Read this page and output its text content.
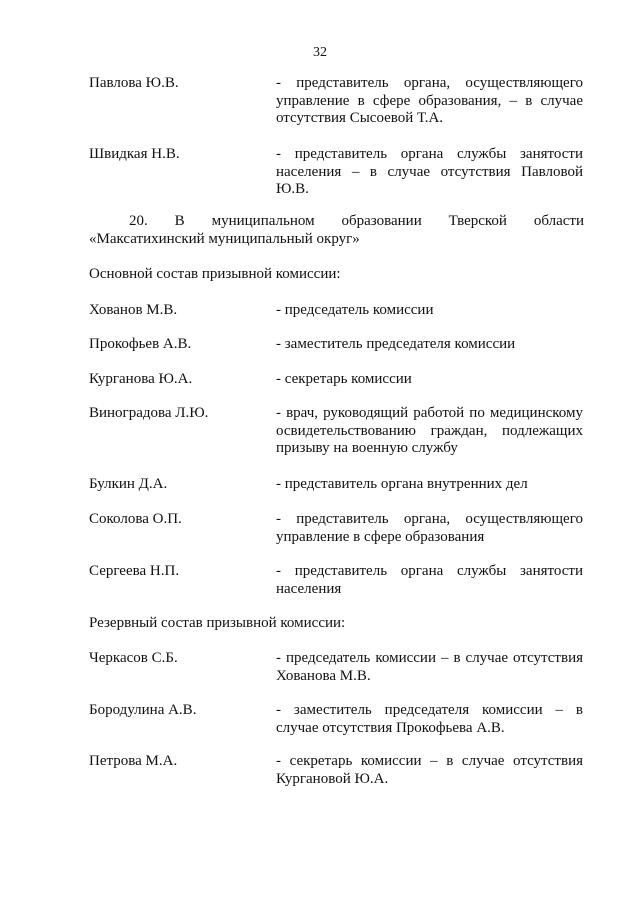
32
Павлова Ю.В.	- представитель органа, осуществляющего управление в сфере образования, – в случае отсутствия Сысоевой Т.А.
Швидкая Н.В.	- представитель органа службы занятости населения – в случае отсутствия Павловой Ю.В.
20. В муниципальном образовании Тверской области «Максатихинский муниципальный округ»
Основной состав призывной комиссии:
Хованов М.В.	- председатель комиссии
Прокофьев А.В.	- заместитель председателя комиссии
Курганова Ю.А.	- секретарь комиссии
Виноградова Л.Ю.	- врач, руководящий работой по медицинскому освидетельствованию граждан, подлежащих призыву на военную службу
Булкин Д.А.	- представитель органа внутренних дел
Соколова О.П.	- представитель органа, осуществляющего управление в сфере образования
Сергеева Н.П.	- представитель органа службы занятости населения
Резервный состав призывной комиссии:
Черкасов С.Б.	- председатель комиссии – в случае отсутствия Хованова М.В.
Бородулина А.В.	- заместитель председателя комиссии – в случае отсутствия Прокофьева А.В.
Петрова М.А.	- секретарь комиссии – в случае отсутствия Кургановой Ю.А.
